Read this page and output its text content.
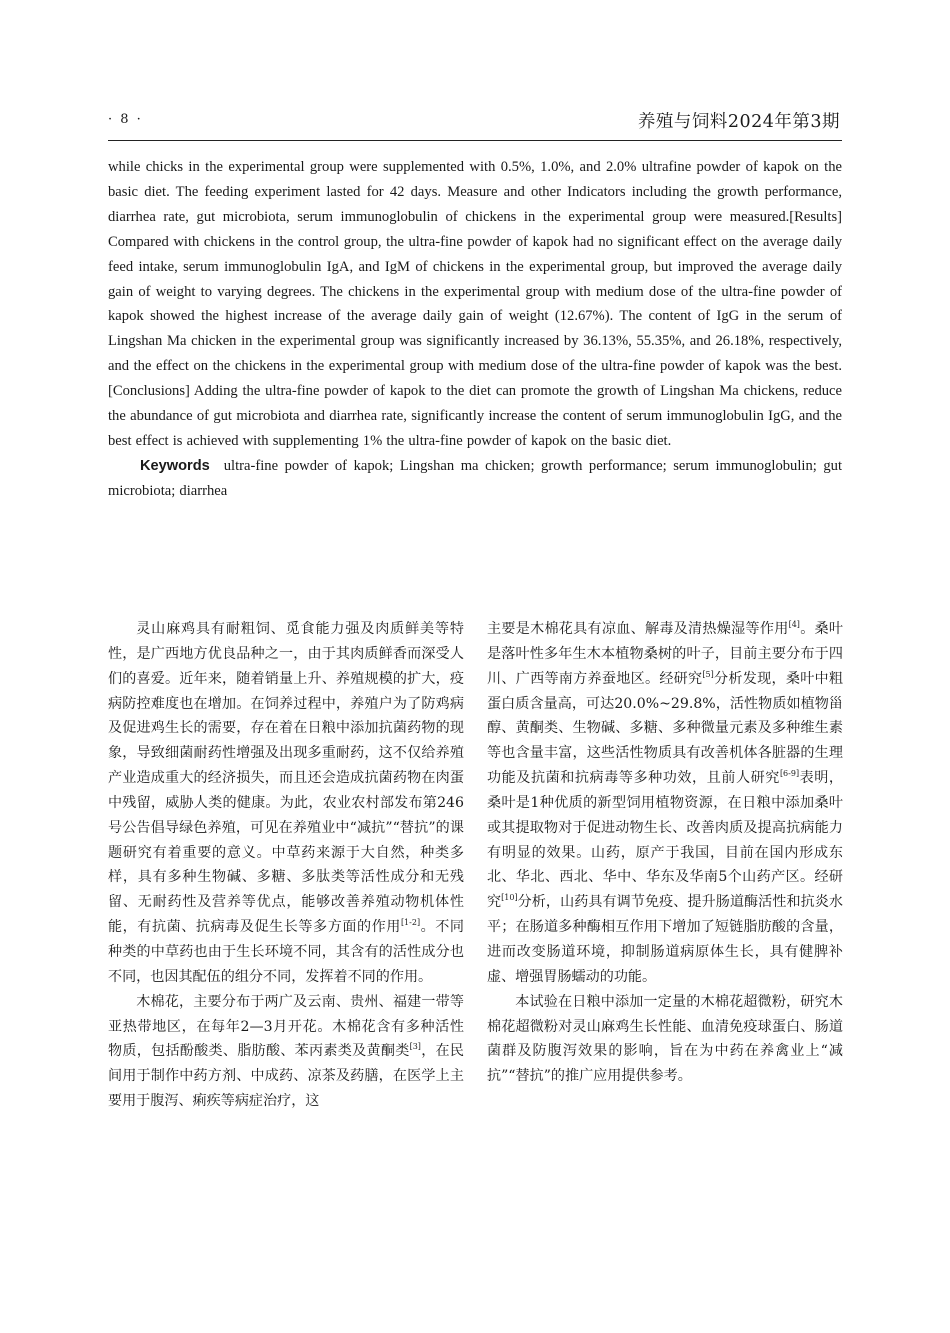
· 8 ·	养殖与饲料2024年第3期

while chicks in the experimental group were supplemented with 0.5%, 1.0%, and 2.0% ultrafine powder of kapok on the basic diet. The feeding experiment lasted for 42 days. Measure and other Indicators including the growth performance, diarrhea rate, gut microbiota, serum immunoglobulin of chickens in the experimental group were measured.[Results] Compared with chickens in the control group, the ultra-fine powder of kapok had no significant effect on the average daily feed intake, serum immunoglobulin IgA, and IgM of chickens in the experimental group, but improved the average daily gain of weight to varying degrees. The chickens in the experimental group with medium dose of the ultra-fine powder of kapok showed the highest increase of the average daily gain of weight (12.67%). The content of IgG in the serum of Lingshan Ma chicken in the experimental group was significantly increased by 36.13%, 55.35%, and 26.18%, respectively, and the effect on the chickens in the experimental group with medium dose of the ultra-fine powder of kapok was the best.[Conclusions] Adding the ultra-fine powder of kapok to the diet can promote the growth of Lingshan Ma chickens, reduce the abundance of gut microbiota and diarrhea rate, significantly increase the content of serum immunoglobulin IgG, and the best effect is achieved with supplementing 1% the ultra-fine powder of kapok on the basic diet.

Keywords ultra-fine powder of kapok; Lingshan ma chicken; growth performance; serum immunoglobulin; gut microbiota; diarrhea

灵山麻鸡具有耐粗饲、觅食能力强及肉质鲜美等特性，是广西地方优良品种之一，由于其肉质鲜香而深受人们的喜爱。近年来，随着销量上升、养殖规模的扩大，疫病防控难度也在增加。在饲养过程中，养殖户为了防鸡病及促进鸡生长的需要，存在着在日粮中添加抗菌药物的现象，导致细菌耐药性增强及出现多重耐药，这不仅给养殖产业造成重大的经济损失，而且还会造成抗菌药物在肉蛋中残留，威胁人类的健康。为此，农业农村部发布第246号公告倡导绿色养殖，可见在养殖业中“减抗”“替抗”的课题研究有着重要的意义。中草药来源于大自然，种类多样，具有多种生物碱、多糖、多肽类等活性成分和无残留、无耐药性及营养等优点，能够改善养殖动物机体性能，有抗菌、抗病毒及促生长等多方面的作用[1-2]。不同种类的中草药也由于生长环境不同，其含有的活性成分也不同，也因其配伍的组分不同，发挥着不同的作用。

木棉花，主要分布于两广及云南、贵州、福建一带等亚热带地区，在每年2—3月开花。木棉花含有多种活性物质，包括酚酸类、脂肪酸、苯丙素类及黄酮类[3]，在民间用于制作中药方剂、中成药、凉茶及药膳，在医学上主要用于腹泻、痢疾等病症治疗，这

主要是木棉花具有凉血、解毒及清热燥湿等作用[4]。桑叶是落叶性多年生木本植物桑树的叶子，目前主要分布于四川、广西等南方养蚕地区。经研究[5]分析发现，桑叶中粗蛋白质含量高，可达20.0%~29.8%，活性物质如植物甾醇、黄酮类、生物碱、多糖、多种微量元素及多种维生素等也含量丰富，这些活性物质具有改善机体各脏器的生理功能及抗菌和抗病毒等多种功效，且前人研究[6-9]表明，桑叶是1种优质的新型饲用植物资源，在日粮中添加桑叶或其提取物对于促进动物生长、改善肉质及提高抗病能力有明显的效果。山药，原产于我国，目前在国内形成东北、华北、西北、华中、华东及华南5个山药产区。经研究[10]分析，山药具有调节免疫、提升肠道酶活性和抗炎水平；在肠道多种酶相互作用下增加了短链脂肪酸的含量，进而改变肠道环境，抑制肠道病原体生长，具有健脾补虚、增强胃肠蠕动的功能。

本试验在日粮中添加一定量的木棉花超微粉，研究木棉花超微粉对灵山麻鸡生长性能、血清免疫球蛋白、肠道菌群及防腹泻效果的影响，旨在为中药在养禽业上“减抗”“替抗”的推广应用提供参考。
